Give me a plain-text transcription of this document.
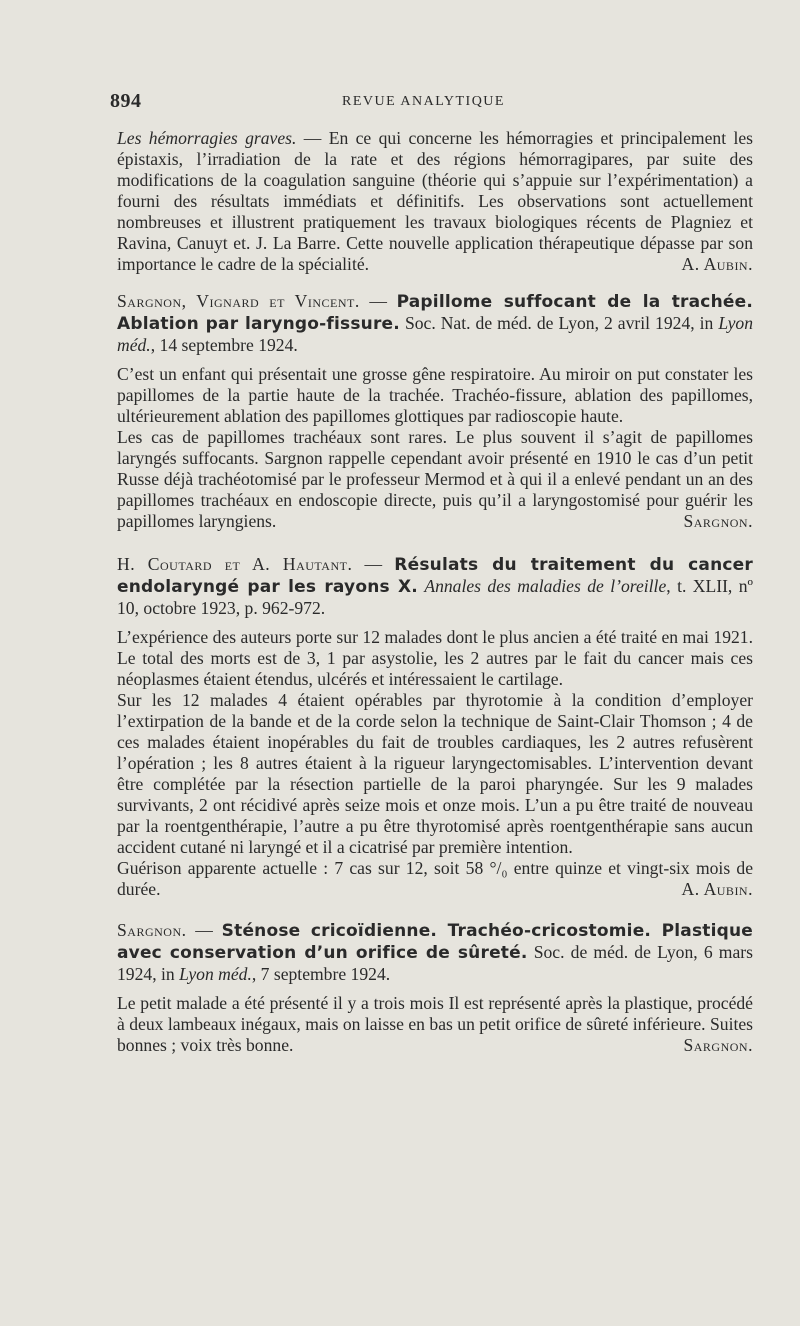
894	REVUE ANALYTIQUE

Les hémorragies graves. — En ce qui concerne les hémorragies et principalement les épistaxis, l’irradiation de la rate et des régions hémorragipares, par suite des modifications de la coagulation sanguine (théorie qui s’appuie sur l’expérimentation) a fourni des résultats immédiats et définitifs. Les observations sont actuellement nombreuses et illustrent pratiquement les travaux biologiques récents de Plagniez et Ravina, Canuyt et. J. La Barre. Cette nouvelle application thérapeutique dépasse par son importance le cadre de la spécialité.	A. Aubin.

Sargnon, Vignard et Vincent. — Papillome suffocant de la trachée. Ablation par laryngo-fissure. Soc. Nat. de méd. de Lyon, 2 avril 1924, in Lyon méd., 14 septembre 1924.

C’est un enfant qui présentait une grosse gêne respiratoire. Au miroir on put constater les papillomes de la partie haute de la trachée. Trachéo-fissure, ablation des papillomes, ultérieurement ablation des papillomes glottiques par radioscopie haute.

Les cas de papillomes trachéaux sont rares. Le plus souvent il s’agit de papillomes laryngés suffocants. Sargnon rappelle cependant avoir présenté en 1910 le cas d’un petit Russe déjà trachéotomisé par le professeur Mermod et à qui il a enlevé pendant un an des papillomes trachéaux en endoscopie directe, puis qu’il a laryngostomisé pour guérir les papillomes laryngiens.	Sargnon.

H. Coutard et A. Hautant. — Résulats du traitement du cancer endolaryngé par les rayons X. Annales des maladies de l’oreille, t. XLII, nº 10, octobre 1923, p. 962-972.

L’expérience des auteurs porte sur 12 malades dont le plus ancien a été traité en mai 1921. Le total des morts est de 3, 1 par asystolie, les 2 autres par le fait du cancer mais ces néoplasmes étaient étendus, ulcérés et intéressaient le cartilage.

Sur les 12 malades 4 étaient opérables par thyrotomie à la condition d’employer l’extirpation de la bande et de la corde selon la technique de Saint-Clair Thomson ; 4 de ces malades étaient inopérables du fait de troubles cardiaques, les 2 autres refusèrent l’opération ; les 8 autres étaient à la rigueur laryngectomisables. L’intervention devant être complétée par la résection partielle de la paroi pharyngée. Sur les 9 malades survivants, 2 ont récidivé après seize mois et onze mois. L’un a pu être traité de nouveau par la roentgenthérapie, l’autre a pu être thyrotomisé après roentgenthérapie sans aucun accident cutané ni laryngé et il a cicatrisé par première intention.

Guérison apparente actuelle : 7 cas sur 12, soit 58 °/₀ entre quinze et vingt-six mois de durée.	A. Aubin.

Sargnon. — Sténose cricoïdienne. Trachéo-cricostomie. Plastique avec conservation d’un orifice de sûreté. Soc. de méd. de Lyon, 6 mars 1924, in Lyon méd., 7 septembre 1924.

Le petit malade a été présenté il y a trois mois Il est représenté après la plastique, procédé à deux lambeaux inégaux, mais on laisse en bas un petit orifice de sûreté inférieure. Suites bonnes ; voix très bonne.	Sargnon.
